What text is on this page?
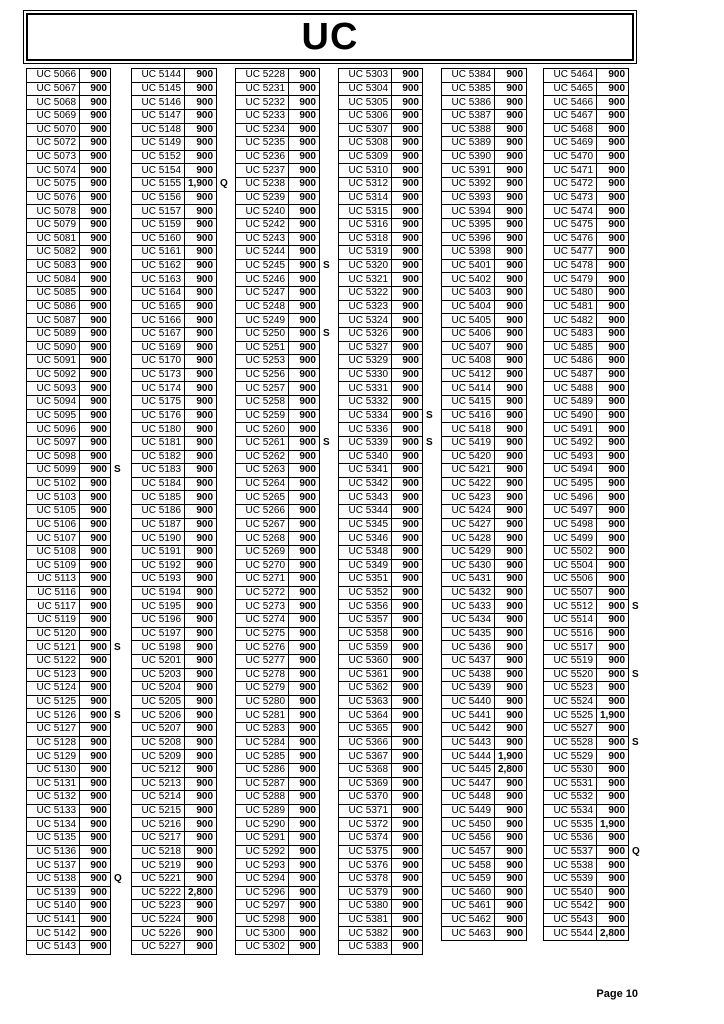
UC
UC 5066	900	
UC 5067	900	
UC 5068	900	
UC 5069	900	
UC 5070	900	
UC 5072	900	
UC 5073	900	
UC 5074	900	
UC 5075	900	
UC 5076	900	
UC 5078	900	
UC 5079	900	
UC 5081	900	
UC 5082	900	
UC 5083	900	
UC 5084	900	
UC 5085	900	
UC 5086	900	
UC 5087	900	
UC 5089	900	
UC 5090	900	
UC 5091	900	
UC 5092	900	
UC 5093	900	
UC 5094	900	
UC 5095	900	
UC 5096	900	
UC 5097	900	
UC 5098	900	
UC 5099	900	S
UC 5102	900	
UC 5103	900	
UC 5105	900	
UC 5106	900	
UC 5107	900	
UC 5108	900	
UC 5109	900	
UC 5113	900	
UC 5116	900	
UC 5117	900	
UC 5119	900	
UC 5120	900	
UC 5121	900	S
UC 5122	900	
UC 5123	900	
UC 5124	900	
UC 5125	900	
UC 5126	900	S
UC 5127	900	
UC 5128	900	
UC 5129	900	
UC 5130	900	
UC 5131	900	
UC 5132	900	
UC 5133	900	
UC 5134	900	
UC 5135	900	
UC 5136	900	
UC 5137	900	
UC 5138	900	Q
UC 5139	900	
UC 5140	900	
UC 5141	900	
UC 5142	900	
UC 5143	900	
UC 5144	900	
UC 5145	900	
UC 5146	900	
UC 5147	900	
UC 5148	900	
UC 5149	900	
UC 5152	900	
UC 5154	900	
UC 5155	1,900	Q
UC 5156	900	
UC 5157	900	
UC 5159	900	
UC 5160	900	
UC 5161	900	
UC 5162	900	
UC 5163	900	
UC 5164	900	
UC 5165	900	
UC 5166	900	
UC 5167	900	
UC 5169	900	
UC 5170	900	
UC 5173	900	
UC 5174	900	
UC 5175	900	
UC 5176	900	
UC 5180	900	
UC 5181	900	
UC 5182	900	
UC 5183	900	
UC 5184	900	
UC 5185	900	
UC 5186	900	
UC 5187	900	
UC 5190	900	
UC 5191	900	
UC 5192	900	
UC 5193	900	
UC 5194	900	
UC 5195	900	
UC 5196	900	
UC 5197	900	
UC 5198	900	
UC 5201	900	
UC 5203	900	
UC 5204	900	
UC 5205	900	
UC 5206	900	
UC 5207	900	
UC 5208	900	
UC 5209	900	
UC 5212	900	
UC 5213	900	
UC 5214	900	
UC 5215	900	
UC 5216	900	
UC 5217	900	
UC 5218	900	
UC 5219	900	
UC 5221	900	
UC 5222	2,800	
UC 5223	900	
UC 5224	900	
UC 5226	900	
UC 5227	900	
UC 5228	900	
UC 5231	900	
UC 5232	900	
UC 5233	900	
UC 5234	900	
UC 5235	900	
UC 5236	900	
UC 5237	900	
UC 5238	900	
UC 5239	900	
UC 5240	900	
UC 5242	900	
UC 5243	900	
UC 5244	900	
UC 5245	900	S
UC 5246	900	
UC 5247	900	
UC 5248	900	
UC 5249	900	
UC 5250	900	S
UC 5251	900	
UC 5253	900	
UC 5256	900	
UC 5257	900	
UC 5258	900	
UC 5259	900	
UC 5260	900	
UC 5261	900	S
UC 5262	900	
UC 5263	900	
UC 5264	900	
UC 5265	900	
UC 5266	900	
UC 5267	900	
UC 5268	900	
UC 5269	900	
UC 5270	900	
UC 5271	900	
UC 5272	900	
UC 5273	900	
UC 5274	900	
UC 5275	900	
UC 5276	900	
UC 5277	900	
UC 5278	900	
UC 5279	900	
UC 5280	900	
UC 5281	900	
UC 5283	900	
UC 5284	900	
UC 5285	900	
UC 5286	900	
UC 5287	900	
UC 5288	900	
UC 5289	900	
UC 5290	900	
UC 5291	900	
UC 5292	900	
UC 5293	900	
UC 5294	900	
UC 5296	900	
UC 5297	900	
UC 5298	900	
UC 5300	900	
UC 5302	900	
UC 5303	900	
UC 5304	900	
UC 5305	900	
UC 5306	900	
UC 5307	900	
UC 5308	900	
UC 5309	900	
UC 5310	900	
UC 5312	900	
UC 5314	900	
UC 5315	900	
UC 5316	900	
UC 5318	900	
UC 5319	900	
UC 5320	900	
UC 5321	900	
UC 5322	900	
UC 5323	900	
UC 5324	900	
UC 5326	900	
UC 5327	900	
UC 5329	900	
UC 5330	900	
UC 5331	900	
UC 5332	900	
UC 5334	900	S
UC 5336	900	
UC 5339	900	S
UC 5340	900	
UC 5341	900	
UC 5342	900	
UC 5343	900	
UC 5344	900	
UC 5345	900	
UC 5346	900	
UC 5348	900	
UC 5349	900	
UC 5351	900	
UC 5352	900	
UC 5356	900	
UC 5357	900	
UC 5358	900	
UC 5359	900	
UC 5360	900	
UC 5361	900	
UC 5362	900	
UC 5363	900	
UC 5364	900	
UC 5365	900	
UC 5366	900	
UC 5367	900	
UC 5368	900	
UC 5369	900	
UC 5370	900	
UC 5371	900	
UC 5372	900	
UC 5374	900	
UC 5375	900	
UC 5376	900	
UC 5378	900	
UC 5379	900	
UC 5380	900	
UC 5381	900	
UC 5382	900	
UC 5383	900	
UC 5384	900	
UC 5385	900	
UC 5386	900	
UC 5387	900	
UC 5388	900	
UC 5389	900	
UC 5390	900	
UC 5391	900	
UC 5392	900	
UC 5393	900	
UC 5394	900	
UC 5395	900	
UC 5396	900	
UC 5398	900	
UC 5401	900	
UC 5402	900	
UC 5403	900	
UC 5404	900	
UC 5405	900	
UC 5406	900	
UC 5407	900	
UC 5408	900	
UC 5412	900	
UC 5414	900	
UC 5415	900	
UC 5416	900	
UC 5418	900	
UC 5419	900	
UC 5420	900	
UC 5421	900	
UC 5422	900	
UC 5423	900	
UC 5424	900	
UC 5427	900	
UC 5428	900	
UC 5429	900	
UC 5430	900	
UC 5431	900	
UC 5432	900	
UC 5433	900	
UC 5434	900	
UC 5435	900	
UC 5436	900	
UC 5437	900	
UC 5438	900	
UC 5439	900	
UC 5440	900	
UC 5441	900	
UC 5442	900	
UC 5443	900	
UC 5444	1,900	
UC 5445	2,800	
UC 5447	900	
UC 5448	900	
UC 5449	900	
UC 5450	900	
UC 5456	900	
UC 5457	900	
UC 5458	900	
UC 5459	900	
UC 5460	900	
UC 5461	900	
UC 5462	900	
UC 5463	900	
UC 5464	900	
UC 5465	900	
UC 5466	900	
UC 5467	900	
UC 5468	900	
UC 5469	900	
UC 5470	900	
UC 5471	900	
UC 5472	900	
UC 5473	900	
UC 5474	900	
UC 5475	900	
UC 5476	900	
UC 5477	900	
UC 5478	900	
UC 5479	900	
UC 5480	900	
UC 5481	900	
UC 5482	900	
UC 5483	900	
UC 5485	900	
UC 5486	900	
UC 5487	900	
UC 5488	900	
UC 5489	900	
UC 5490	900	
UC 5491	900	
UC 5492	900	
UC 5493	900	
UC 5494	900	
UC 5495	900	
UC 5496	900	
UC 5497	900	
UC 5498	900	
UC 5499	900	
UC 5502	900	
UC 5504	900	
UC 5506	900	
UC 5507	900	
UC 5512	900	S
UC 5514	900	
UC 5516	900	
UC 5517	900	
UC 5519	900	
UC 5520	900	S
UC 5523	900	
UC 5524	900	
UC 5525	1,900	
UC 5527	900	
UC 5528	900	S
UC 5529	900	
UC 5530	900	
UC 5531	900	
UC 5532	900	
UC 5534	900	
UC 5535	1,900	
UC 5536	900	
UC 5537	900	Q
UC 5538	900	
UC 5539	900	
UC 5540	900	
UC 5542	900	
UC 5543	900	
UC 5544	2,800	
Page 10
